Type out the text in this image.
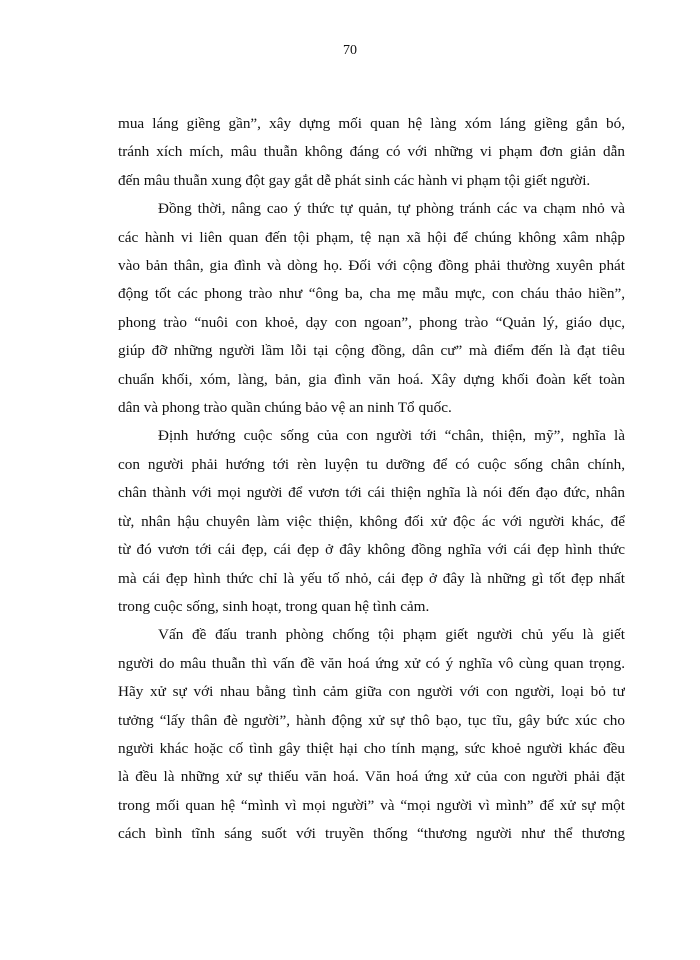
70
mua láng giềng gần”, xây dựng mối quan hệ làng xóm láng giềng gắn bó,
tránh xích mích, mâu thuẫn không đáng có với những vi phạm đơn giản dẫn
đến mâu thuẫn xung đột gay gắt dễ phát sinh các hành vi phạm tội giết người.
Đồng thời, nâng cao ý thức tự quản, tự phòng tránh các va chạm nhỏ và
các hành vi liên quan đến tội phạm, tệ nạn xã hội để chúng không xâm nhập
vào bản thân, gia đình và dòng họ. Đối với cộng đồng phải thường xuyên phát
động tốt các phong trào như “ông ba, cha mẹ mẫu mực, con cháu thảo hiền”,
phong trào “nuôi con khoẻ, dạy con ngoan”, phong trào “Quản lý, giáo dục,
giúp đỡ những người lầm lỗi tại cộng đồng, dân cư” mà điểm đến là đạt tiêu
chuẩn khối, xóm, làng, bản, gia đình văn hoá. Xây dựng khối đoàn kết toàn
dân và phong trào quần chúng bảo vệ an ninh Tổ quốc.
Định hướng cuộc sống của con người tới “chân, thiện, mỹ”, nghĩa là
con người phải hướng tới rèn luyện tu dưỡng để có cuộc sống chân chính,
chân thành với mọi người để vươn tới cái thiện nghĩa là nói đến đạo đức, nhân
từ, nhân hậu chuyên làm việc thiện, không đối xử độc ác với người khác, để
từ đó vươn tới cái đẹp, cái đẹp ở đây không đồng nghĩa với cái đẹp hình thức
mà cái đẹp hình thức chỉ là yếu tố nhỏ, cái đẹp ở đây là những gì tốt đẹp nhất
trong cuộc sống, sinh hoạt, trong quan hệ tình cảm.
Vấn đề đấu tranh phòng chống tội phạm giết người chủ yếu là giết
người do mâu thuẫn thì vấn đề văn hoá ứng xử có ý nghĩa vô cùng quan trọng.
Hãy xử sự với nhau bằng tình cảm giữa con người với con người, loại bỏ tư
tưởng “lấy thân đè người”, hành động xử sự thô bạo, tục tĩu, gây bức xúc cho
người khác hoặc cố tình gây thiệt hại cho tính mạng, sức khoẻ người khác đều
là đều là những xử sự thiếu văn hoá. Văn hoá ứng xử của con người phải đặt
trong mối quan hệ “mình vì mọi người” và “mọi người vì mình” để xử sự một
cách bình tĩnh sáng suốt với truyền thống “thương người như thể thương
